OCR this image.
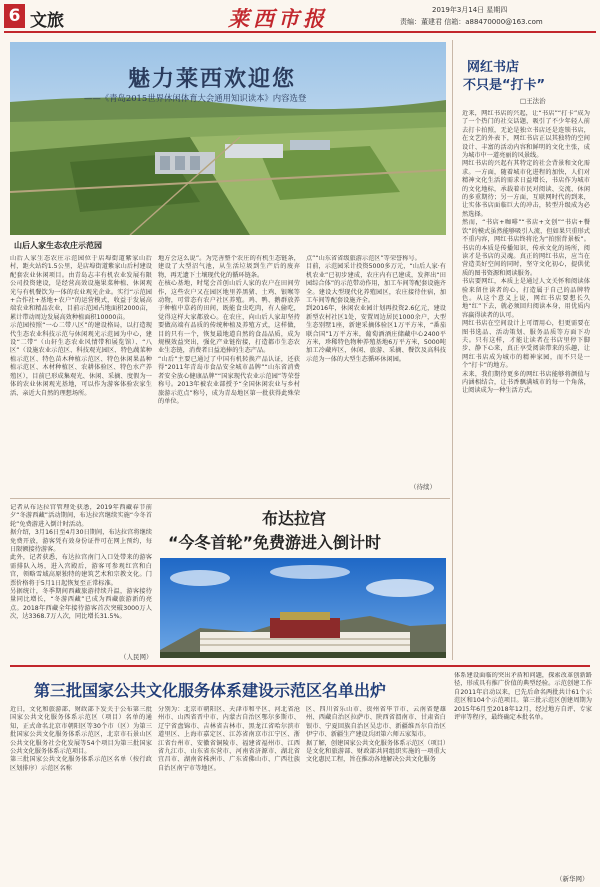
6 文旅	莱西市报	2019年3月14日 星期四
责编：董建君 信箱：a88470000@163.com
魅力莱西欢迎您
——《青岛2015世界休闲体育大会通用知识读本》内容选登
山后人家生态农庄示范园
山后人家生态农庄示范园位于店埠街道紫家山后村，距火站约1.5公里，是店埠街道紫家山后村建设配套农业休闲项目。由青岛志丰有机农业发展有限公司投资建设，是经营高效设施果菜种植、休闲观光与有机餐饮为一体的农业观光企业。实行“示范园+合作社+基地+农户”的运营模式，收益于发展高端农业和精品农业，目前示范园占地面积2000亩，累计带动周边发展高效种植面积10000亩。
示范园按照“一心二带八区”的建设格局，以打造现代生态农业科技示范与休闲观光示范园为中心，建设“二带”（山轩生态农业风情带和展览馆）、“八区”（设施农业示范区、科技观光园区、特色蔬菜种植示范区、特色苗木种植示范区、特色休闲果品种植示范区、木材种植区、农耕体验区、特色水产养殖区），目前已形成集观光、休闲、采摘、度假为一体的农业休闲观光基地，可以作为游客体验农家生活、亲近大自然的理想场所。
地方会这么说”。为完善整个农庄的有机生态链条，建设了大型沼气池，从生活垃圾到生产后的废弃物，再无遗下土壤现代化的循环链条。
在核心基地，时髦会首创山后人家的农户在田间劳作，这些农户又在园区地里养黑猪、土鸡、银喉等动物，可常态有农户社区养殖。鸡、鸭、鹅群放养于种植中草药的田间，既能食虫吃肉，有人偷吃，觉得这样大家都放心。在农庄，向山后人家却坚持要做高端有品质的传统种植及养殖方式，这样做，目的只有一个，恢复最地道自然的食品品质，成为规模效益突出，强化产业链衔接，打造都市生态农业生态链，消费者日益追捧的生态产品。
“山后”主要已通过了中国有机转换产品认证，还获得“2011年青岛市食品安全城市品牌”“山东省消费者安全放心健康品牌”“国家现代农业示范园”等荣誉称号。2013年被农业部授予“全国休闲农业与乡村旅游示范点”称号，成为青岛地区第一批获得此殊荣的单位。
点”“山东省省级旅游示范区”等荣誉称号。
目前，示范园采计投资5000多万元，“山后人家·有机农业”已初步建成，农庄内有已建成，发挥出“田园综合体”的示范带动作用，加工车间等配套设施齐全。建设大型现代化养殖园区，农庄接待住宿，加工车间等配套设施齐全。
到2016年，休闲农业园计划再投资2.6亿元，建设新型农村社区1处，安置周边居民1000余户，大型生态别墅1座，新建采摘体验区1万平方米，“番茄联合国”1万平方米，葡萄酒酒庄储藏中心2400平方米，珍稀特色物种养殖基地6万平方米，5000吨加工冷藏库区，休闲、旅游、采摘、餐饮及高科技示范为一体的大型生态循环休闲园。
（待续）
网红书店
不只是“打卡”
□王法治
近来，网红书店的兴起，让“书店”“打卡”成为了一个热门的社交话题，吸引了不少年轻人前去打卡拍照，无论是独立书店还是连锁书店，在文艺的外表下，网红书店正以其独特的空间设计、丰富的活动内容和鲜明的文化主张，成为城市中一道亮丽的风景线。
网红书店的兴起有其特定的社会背景和文化需求。一方面，随着城市化进程的加快，人们对精神文化生活的需求日益增长，书店作为城市的文化地标，承载着市民对阅读、交流、休闲的多重期待；另一方面，互联网时代的到来，让实体书店面临巨大的冲击，转型升级成为必然选择。
然而，“书店+咖啡”“书店+文创”“书店+餐饮”的模式虽然能够吸引人流，但如果只重形式不重内容，网红书店终将沦为“拍照背景板”。书店的本质是传播知识、传承文化的场所，阅读才是书店的灵魂。真正的网红书店，应当在营造美好空间的同时，坚守文化初心，提供优质的图书资源和阅读服务。
书店要网红，本质上是通过人文关怀和阅读体验来留住读者的心，打造属于自己的品牌特色。从这个意义上说，网红书店要想长久地“红”下去，就必须回归阅读本身，用优质内容赢得读者的认可。
网红书店在空间设计上可谓用心，但更需要在图书选品、活动策划、服务品质等方面下功夫。只有这样，才能让读者在书店里停下脚步、静下心来，真正享受阅读带来的乐趣，让网红书店成为城市的精神家园，而不只是一个“打卡”的地方。
未来，我们期待更多的网红书店能够将颜值与内涵相结合，让书香飘满城市的每一个角落，让阅读成为一种生活方式。
记者从布达拉宫管理处获悉，2019年西藏春节前夕“冬游西藏”活动期间，布达拉宫继续实施“今冬首轮”免费游进入倒计时活动。
据介绍，3月16日至4月30日期间，布达拉宫将继续免费开放，游客凭有效身份证件可在网上预约，每日限额接待游客。
此外，记者获悉，布达拉宫南门入口处带来的游客需排队入场，进入宫殿后，游客可参观红宫和白宫，领略雪域高原独特的建筑艺术和宗教文化。门票价格将于5月1日起恢复至正常标准。
另据统计，冬季期间西藏旅游持续升温，游客接待量同比增长，“冬游西藏”已成为西藏旅游新的亮点。2018年西藏全年接待游客首次突破3000万人次，达3368.7万人次，同比增长31.5%。
（人民网）
布达拉宫
“今冬首轮”免费游进入倒计时
第三批国家公共文化服务体系建设示范区名单出炉
近日，文化和旅游部、财政部下发关于公布第三批国家公共文化服务体系示范区（项目）名单的通知，正式命名北京市朝阳区等30个市（区）为第三批国家公共文化服务体系示范区，北京市石景山区公共文化服务社会化发展等54个项目为第三批国家公共文化服务体系示范项目。
第三批国家公共文化服务体系示范区名单（按行政区划排序）示范区名称
分别为：北京市朝阳区、天津市和平区、河北省沧州市、山西省晋中市、内蒙古自治区鄂尔多斯市、辽宁省盘锦市、吉林省吉林市、黑龙江省哈尔滨市道里区、上海市嘉定区、江苏省南京市江宁区、浙江省台州市、安徽省铜陵市、福建省福州市、江西省九江市、山东省东营市、河南省济源市、湖北省宜昌市、湖南省株洲市、广东省佛山市、广西壮族自治区南宁市等地区。
区、四川省乐山市、贵州省毕节市、云南省楚雄州、西藏自治区拉萨市、陕西省渭南市、甘肃省白银市、宁夏回族自治区吴忠市、新疆维吾尔自治区伊宁市、新疆生产建设兵团第六师五家渠市。
据了解，创建国家公共文化服务体系示范区（项目）是文化和旅游部、财政部共同组织实施的一项重大文化惠民工程，旨在推动各地解决公共文化服务
体系建设面临的突出矛盾和问题，探索改革创新路径，形成具有推广价值的典型经验。示范创建工作自2011年启动以来，已先后命名两批共计61个示范区和104个示范项目。第三批示范区创建周期为2015年6月至2018年12月，经过地方自评、专家评审等程序，最终确定本批名单。
（新华网）
